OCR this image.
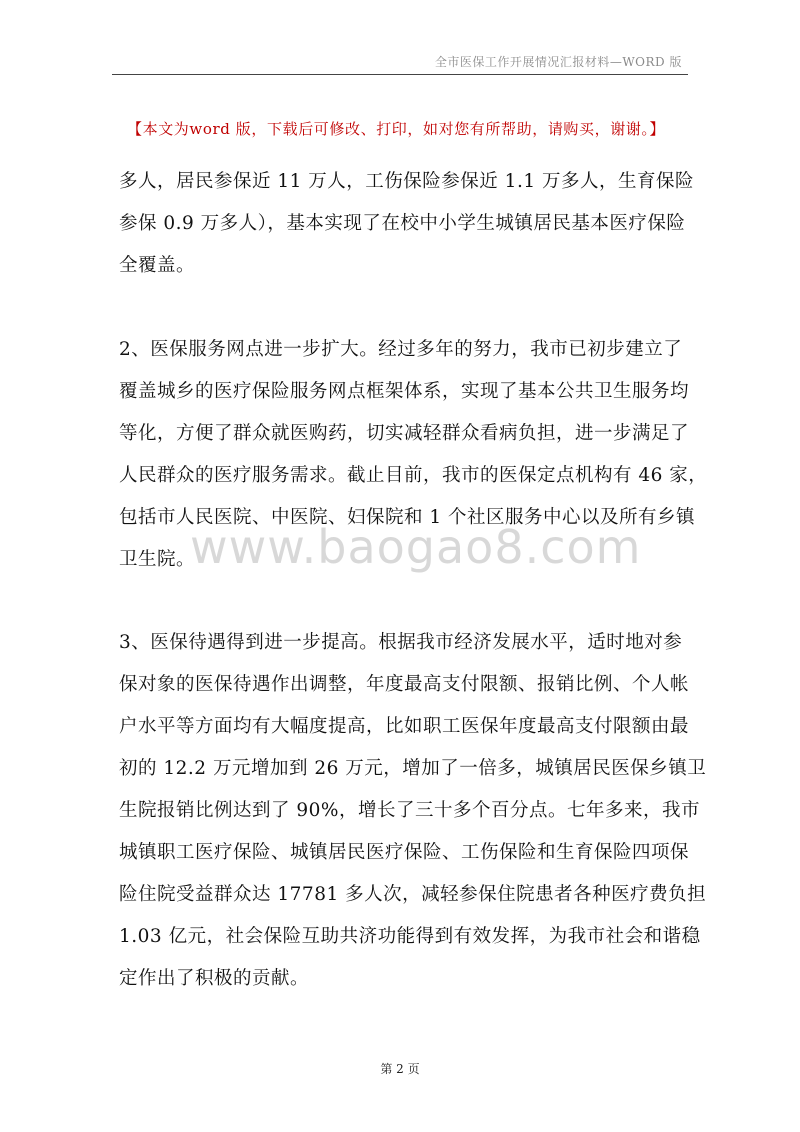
全市医保工作开展情况汇报材料—WORD 版
【本文为word 版，下载后可修改、打印，如对您有所帮助，请购买，谢谢。】
多人，居民参保近 11 万人，工伤保险参保近 1.1 万多人，生育保险
参保 0.9 万多人），基本实现了在校中小学生城镇居民基本医疗保险
全覆盖。
2、医保服务网点进一步扩大。经过多年的努力，我市已初步建立了
覆盖城乡的医疗保险服务网点框架体系，实现了基本公共卫生服务均
等化，方便了群众就医购药，切实减轻群众看病负担，进一步满足了
人民群众的医疗服务需求。截止目前，我市的医保定点机构有 46 家，
包括市人民医院、中医院、妇保院和 1 个社区服务中心以及所有乡镇
卫生院。
www.baogao8.com
3、医保待遇得到进一步提高。根据我市经济发展水平，适时地对参
保对象的医保待遇作出调整，年度最高支付限额、报销比例、个人帐
户水平等方面均有大幅度提高，比如职工医保年度最高支付限额由最
初的 12.2 万元增加到 26 万元，增加了一倍多，城镇居民医保乡镇卫
生院报销比例达到了 90%，增长了三十多个百分点。七年多来，我市
城镇职工医疗保险、城镇居民医疗保险、工伤保险和生育保险四项保
险住院受益群众达 17781 多人次，减轻参保住院患者各种医疗费负担
1.03 亿元，社会保险互助共济功能得到有效发挥，为我市社会和谐稳
定作出了积极的贡献。
第 2 页
